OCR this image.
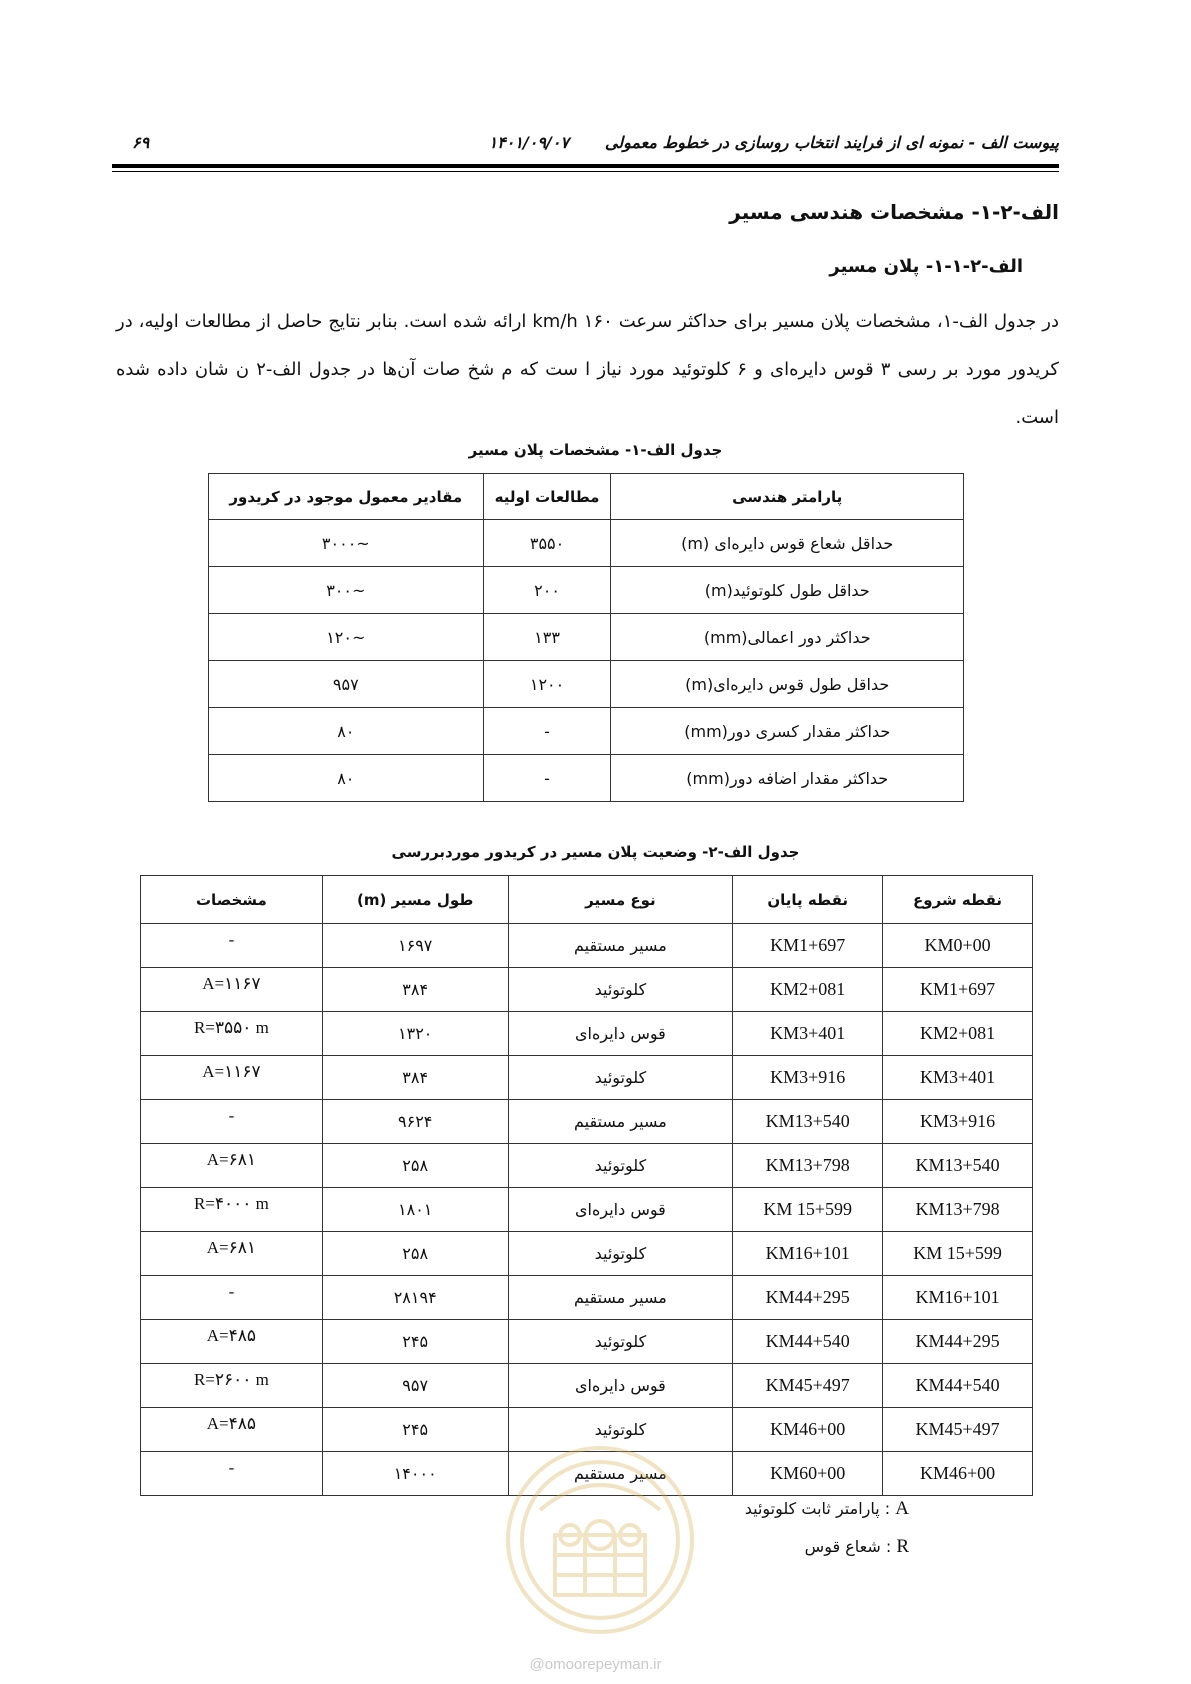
پیوست الف - نمونه ای از فرایند انتخاب روسازی در خطوط معمولی
۱۴۰۱/۰۹/۰۷
۶۹
الف-۲-۱- مشخصات هندسی مسیر
الف-۲-۱-۱- پلان مسیر
در جدول الف-۱، مشخصات پلان مسیر برای حداکثر سرعت ۱۶۰ km/h ارائه شده است. بنابر نتایج حاصل از مطالعات اولیه، در کریدور مورد بر رسی ۳ قوس دایره‌ای و ۶ کلوتوئید مورد نیاز ا ست که م شخ صات آن‌ها در جدول الف-۲ ن شان داده شده است.
جدول الف-۱- مشخصات پلان مسیر
پارامتر هندسی	مطالعات اولیه	مقادیر معمول موجود در کریدور
حداقل شعاع قوس دایره‌ای (m)	۳۵۵۰	~۳۰۰۰
حداقل طول کلوتوئید(m)	۲۰۰	~۳۰۰
حداکثر دور اعمالی(mm)	۱۳۳	~۱۲۰
حداقل طول قوس دایره‌ای(m)	۱۲۰۰	۹۵۷
حداکثر مقدار کسری دور(mm)	-	۸۰
حداکثر مقدار اضافه دور(mm)	-	۸۰
جدول الف-۲- وضعیت پلان مسیر در کریدور موردبررسی
نقطه شروع	نقطه پایان	نوع مسیر	طول مسیر (m)	مشخصات
KM0+00	KM1+697	مسیر مستقیم	۱۶۹۷	-
KM1+697	KM2+081	کلوتوئید	۳۸۴	A=۱۱۶۷
KM2+081	KM3+401	قوس دایره‌ای	۱۳۲۰	R=۳۵۵۰ m
KM3+401	KM3+916	کلوتوئید	۳۸۴	A=۱۱۶۷
KM3+916	KM13+540	مسیر مستقیم	۹۶۲۴	-
KM13+540	KM13+798	کلوتوئید	۲۵۸	A=۶۸۱
KM13+798	KM 15+599	قوس دایره‌ای	۱۸۰۱	R=۴۰۰۰ m
KM 15+599	KM16+101	کلوتوئید	۲۵۸	A=۶۸۱
KM16+101	KM44+295	مسیر مستقیم	۲۸۱۹۴	-
KM44+295	KM44+540	کلوتوئید	۲۴۵	A=۴۸۵
KM44+540	KM45+497	قوس دایره‌ای	۹۵۷	R=۲۶۰۰ m
KM45+497	KM46+00	کلوتوئید	۲۴۵	A=۴۸۵
KM46+00	KM60+00	مسیر مستقیم	۱۴۰۰۰	-
A : پارامتر ثابت کلوتوئید
R : شعاع قوس
@omoorepeyman.ir
